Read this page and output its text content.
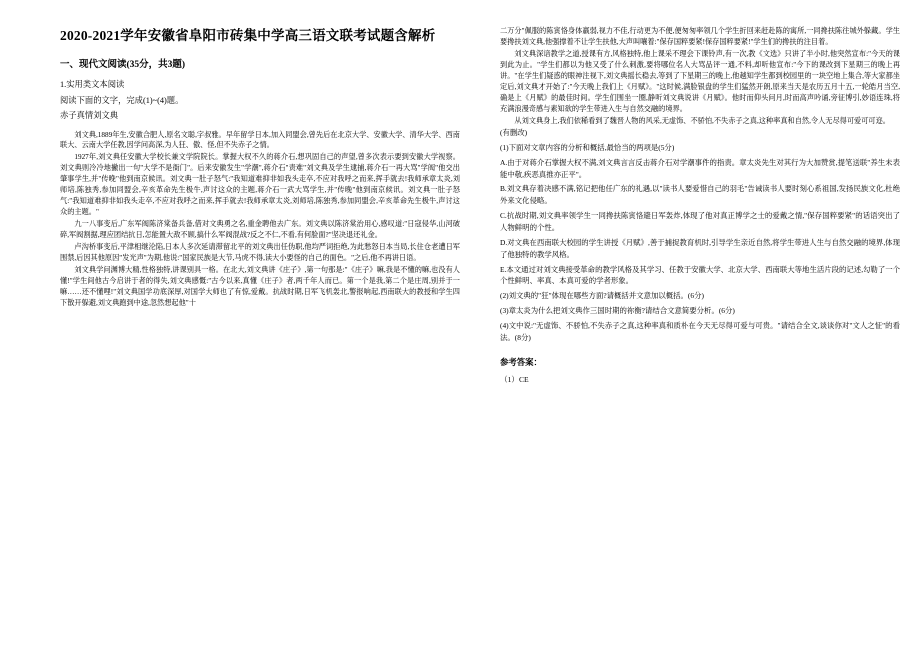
2020-2021学年安徽省阜阳市砖集中学高三语文联考试题含解析
一、现代文阅读(35分，共3题)
1.实用类文本阅读
阅读下面的文字，完成(1)~(4)题。
赤子真情刘文典

刘文典,1889年生,安徽合肥人,原名文聪,字叔雅。早年留学日本,加入同盟会,曾先后在北京大学、安徽大学、清华大学、西南联大、云南大学任教,因学问高深,为人狂、傲、怪,但不失赤子之情。

1927年,刘文典任安徽大学校长兼文学院院长。掌握大权不久的蒋介石,想巩固自己的声望,曾多次表示要到安徽大学视察。刘文典则冷冷地撇出一句"大学不是衙门"。后来安徽发生"学潮",蒋介石"责难"刘文典及学生逮捕,蒋介石一再大骂"学阀"他交出肇事学生,并"传晚"他到南京候讯。刘文典一肚子怒气:"我知道难抑非如我头走卒,不应对我呼之而来,挥手就去!我师承章太炎,刘师培,陈独秀,参加同盟会,辛亥革命先生极牛,声讨这众的主题,蒋介石一武大骂学生,并"传晚"他到南京候讯。刘文典一肚子怒气:"我知道难抑非如我头走卒,不应对我呼之而来,挥手就去!我师承章太炎,刘师培,陈独秀,参加同盟会,辛亥革命先生极牛,声讨这众的主题。"

九一八事变后,广东军阀陈济棠备兵备,借对文典勇之名,重金聘他去广东。刘文典以陈济棠治用心,感叹道:"日寇侵华,山河破碎,军阀割据,理应团结抗日,怎能置大敌不顾,搞什么军阀混战?反之不仁,不看,有何脸面?"坚决退还礼金。

卢沟桥事变后,平津相继沦陷,日本人多次延请滞留北平的刘文典出任伪职,他均严词拒绝,为此愁怒日本当局,长住仓老遭日军围禁,后因其他原因"发光声"为期,他说:"国家民族是大节,马虎不得,读大小要怪的自己的面色。"之后,他不再讲日语。

刘文典学问渊博大精,性格独特,讲课别具一格。在北大,刘文典讲《庄子》,第一句那是:"《庄子》嘛,我是不懂的嘛,也没有人懂!"学生间他古今启讲于者的得失,刘文典感慨:"古今以来,真懂《庄子》者,两千年人而已。第一个是我,第二个是庄周,别并于一嘛……还不懂哩!"刘文典国学功底深厚,对国学大师也了有惊,爱戴。抗战时期,日军飞机轰北,警报响起,西南联大的教授和学生四下散开躲避,刘文典跑到中途,忽然想起他"十

二万分"佩服的陈寅恪身体羸弱,视力不佳,行动更为不便,便匆匆率领几个学生折回来赶赴陈的寓所,一同搀扶陈往城外躲藏。学生要搀扶刘文典,他强撑着不让学生扶他,大声叫嚷着:"保存国粹要紧!保存国粹要紧!"学生们的搀扶的注目着。

刘文典深谙教学之道,授课有方,风格独特,他上课采不理会下课铃声,有一次,教《文选》只讲了半小时,他突然宣布:"今天的课到此为止。"学生们都以为他又受了什么刺激,要将哪位名人大骂品评一通,不料,却听他宣布:"今下的课改到下星期三的晚上再讲。"在学生们疑惑的眼神注视下,刘文典摇长稳去,等到了下星期三的晚上,他越知学生都到校园里的一块空地上集合,等大家都坐定后,刘文典才开始了:"今天晚上我们上《月赋》。"这时候,满脸银盘的学生们猛然开朗,原来当天是农历五月十五,一轮皓月当空,确是上《月赋》的最佳时间。学生们围坐一圈,静听刘文典说讲《月赋》。他时而仰头问月,时而高声吟诵,旁征博引,妙语连珠,将充满浪漫奇感与素知欲的学生带进入生与自然交融的境界。

从刘文典身上,我们依稀看到了魏晋人物的风采,无虚饰、不骄怕,不失赤子之真,这种率真和自然,令人无尽得可爱可可迩。

(有删改)
(1)下面对文章内容的分析和概括,最恰当的两项是(5分)
A.由于对蒋介石掌握大权不满,刘文典言言反击蒋介石对学潮事件的指责。章太炎先生对其行为大加赞赏,提笔送联"养生未表能中敬,疾恶真推亦正平"。
B.刘文典存着决感不满,铭记把他任广东的礼遇,以"读书人要爱惜自己的羽毛"告诫读书人要时刻心系祖国,发扬民族文化,杜绝外来文化侵略。
C.抗战时期,刘文典率领学生一同搀扶陈寅恪避日军轰炸,体现了他对真正博学之士的爱戴之情,"保存国粹要紧"的话语突出了人物鲜明的个性。
D.对文典在西南联大校园的学生讲授《月赋》,善于捕捉教育机时,引导学生亲近自然,将学生带进人生与自然交融的境界,体现了他独特的教学风格。
E.本文通过对刘文典接受革命的教学风格及其学习、任教于安徽大学、北京大学、西南联大等地生活片段的记述,勾勒了一个个性鲜明、率真、本真可爱的学者形象。
(2)刘文典的"狂"体现在哪些方面?请概括并文意加以概括。(6分)
(3)章太炎为什么把刘文典作三国时期的祢衡?请结合文意简要分析。(6分)
(4)文中说:"无虚饰、不骄怕,不失赤子之真,这种率真和质朴在今天无尽得可爱与可贵。"请结合全文,谈谈你对"文人之怔"的看法。(8分)
参考答案：
（1）CE
